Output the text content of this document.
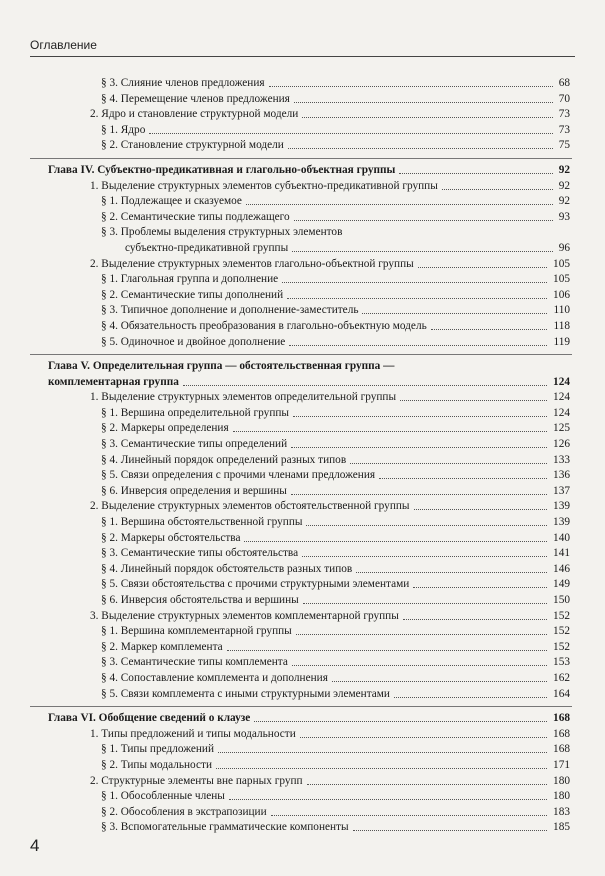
Оглавление
§ 3. Слияние членов предложения	68
§ 4. Перемещение членов предложения	70
2. Ядро и становление структурной модели	73
§ 1. Ядро	73
§ 2. Становление структурной модели	75
Глава IV. Субъектно-предикативная и глагольно-объектная группы	92
1. Выделение структурных элементов субъектно-предикативной группы	92
§ 1. Подлежащее и сказуемое	92
§ 2. Семантические типы подлежащего	93
§ 3. Проблемы выделения структурных элементов
субъектно-предикативной группы	96
2. Выделение структурных элементов глагольно-объектной группы	105
§ 1. Глагольная группа и дополнение	105
§ 2. Семантические типы дополнений	106
§ 3. Типичное дополнение и дополнение-заместитель	110
§ 4. Обязательность преобразования в глагольно-объектную модель	118
§ 5. Одиночное и двойное дополнение	119
Глава V. Определительная группа — обстоятельственная группа —
комплементарная группа	124
1. Выделение структурных элементов определительной группы	124
§ 1. Вершина определительной группы	124
§ 2. Маркеры определения	125
§ 3. Семантические типы определений	126
§ 4. Линейный порядок определений разных типов	133
§ 5. Связи определения с прочими членами предложения	136
§ 6. Инверсия определения и вершины	137
2. Выделение структурных элементов обстоятельственной группы	139
§ 1. Вершина обстоятельственной группы	139
§ 2. Маркеры обстоятельства	140
§ 3. Семантические типы обстоятельства	141
§ 4. Линейный порядок обстоятельств разных типов	146
§ 5. Связи обстоятельства с прочими структурными элементами	149
§ 6. Инверсия обстоятельства и вершины	150
3. Выделение структурных элементов комплементарной группы	152
§ 1. Вершина комплементарной группы	152
§ 2. Маркер комплемента	152
§ 3. Семантические типы комплемента	153
§ 4. Сопоставление комплемента и дополнения	162
§ 5. Связи комплемента с иными структурными элементами	164
Глава VI. Обобщение сведений о клаузе	168
1. Типы предложений и типы модальности	168
§ 1. Типы предложений	168
§ 2. Типы модальности	171
2. Структурные элементы вне парных групп	180
§ 1. Обособленные члены	180
§ 2. Обособления в экстрапозиции	183
§ 3. Вспомогательные грамматические компоненты	185
4
